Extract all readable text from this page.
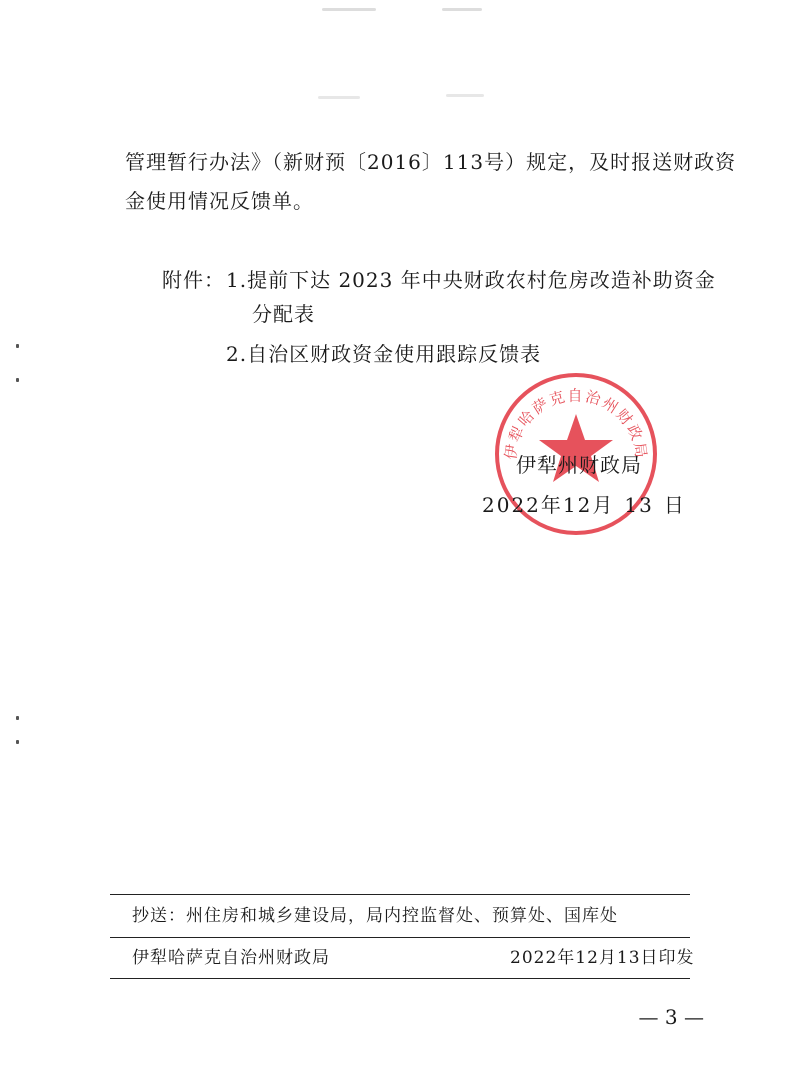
管理暂行办法》（新财预〔2016〕113号）规定，及时报送财政资
金使用情况反馈单。
附件： 1.提前下达 2023 年中央财政农村危房改造补助资金
分配表
2.自治区财政资金使用跟踪反馈表
伊犁哈萨克自治州财政局
伊犁州财政局
2022年12月 13 日
抄送：州住房和城乡建设局，局内控监督处、预算处、国库处
伊犁哈萨克自治州财政局	2022年12月13日印发
— 3 —
